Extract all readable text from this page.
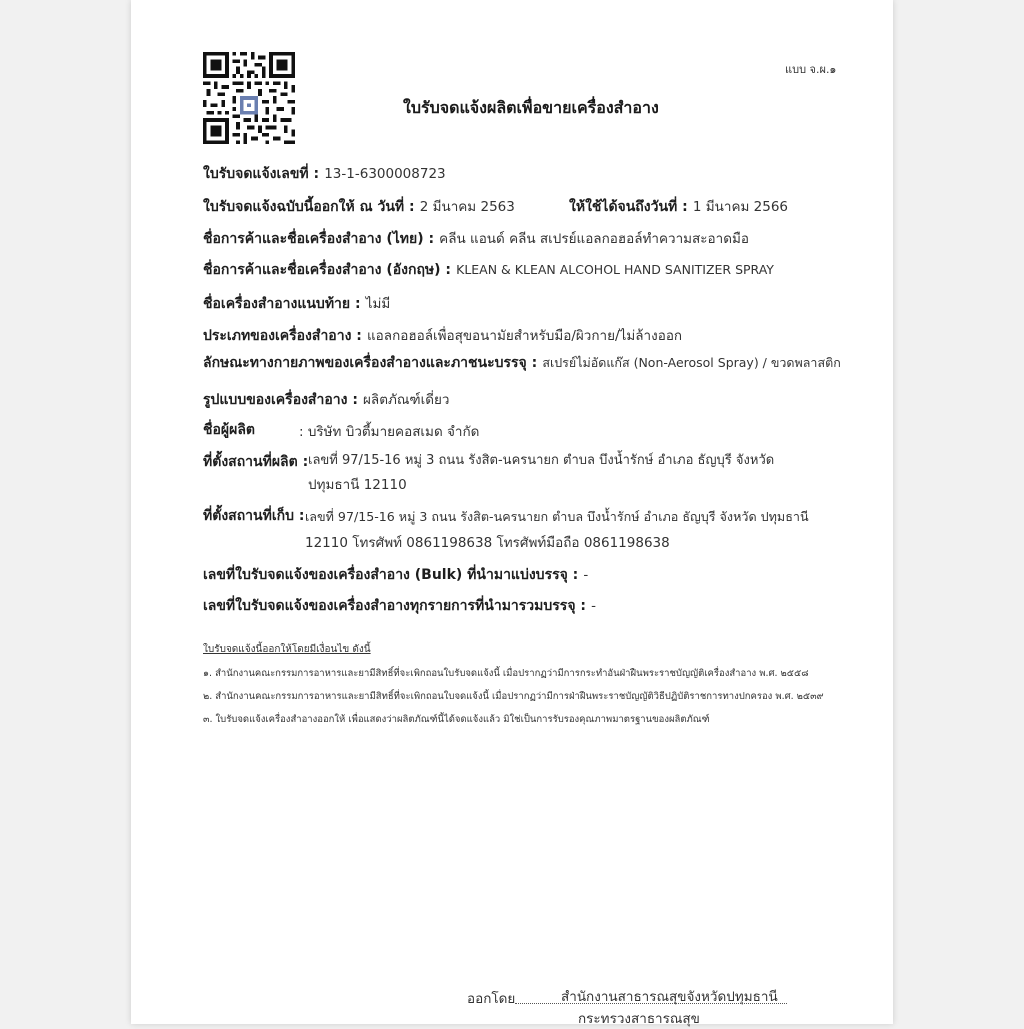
แบบ จ.ผ.๑
ใบรับจดแจ้งผลิตเพื่อขายเครื่องสำอาง
ใบรับจดแจ้งเลขที่ : 13-1-6300008723
ใบรับจดแจ้งฉบับนี้ออกให้ ณ วันที่ : 2 มีนาคม 2563	ให้ใช้ได้จนถึงวันที่ : 1 มีนาคม 2566
ชื่อการค้าและชื่อเครื่องสำอาง (ไทย) : คลีน แอนด์ คลีน สเปรย์แอลกอฮอล์ทำความสะอาดมือ
ชื่อการค้าและชื่อเครื่องสำอาง (อังกฤษ) : KLEAN & KLEAN ALCOHOL HAND SANITIZER SPRAY
ชื่อเครื่องสำอางแนบท้าย : ไม่มี
ประเภทของเครื่องสำอาง : แอลกอฮอล์เพื่อสุขอนามัยสำหรับมือ/ผิวกาย/ไม่ล้างออก
ลักษณะทางกายภาพของเครื่องสำอางและภาชนะบรรจุ : สเปรย์ไม่อัดแก๊ส (Non-Aerosol Spray) / ขวดพลาสติก
รูปแบบของเครื่องสำอาง : ผลิตภัณฑ์เดี่ยว
ชื่อผู้ผลิต	: บริษัท บิวตี้มายคอสเมด จำกัด
ที่ตั้งสถานที่ผลิต : เลขที่ 97/15-16 หมู่ 3 ถนน รังสิต-นครนายก ตำบล บึงน้ำรักษ์ อำเภอ ธัญบุรี จังหวัด
ปทุมธานี 12110
ที่ตั้งสถานที่เก็บ : เลขที่ 97/15-16 หมู่ 3 ถนน รังสิต-นครนายก ตำบล บึงน้ำรักษ์ อำเภอ ธัญบุรี จังหวัด ปทุมธานี
12110 โทรศัพท์ 0861198638 โทรศัพท์มือถือ 0861198638
เลขที่ใบรับจดแจ้งของเครื่องสำอาง (Bulk) ที่นำมาแบ่งบรรจุ : -
เลขที่ใบรับจดแจ้งของเครื่องสำอางทุกรายการที่นำมารวมบรรจุ : -
ใบรับจดแจ้งนี้ออกให้โดยมีเงื่อนไข ดังนี้
๑. สำนักงานคณะกรรมการอาหารและยามีสิทธิ์ที่จะเพิกถอนใบรับจดแจ้งนี้ เมื่อปรากฏว่ามีการกระทำอันฝ่าฝืนพระราชบัญญัติเครื่องสำอาง พ.ศ. ๒๕๕๘
๒. สำนักงานคณะกรรมการอาหารและยามีสิทธิ์ที่จะเพิกถอนใบจดแจ้งนี้ เมื่อปรากฏว่ามีการฝ่าฝืนพระราชบัญญัติวิธีปฏิบัติราชการทางปกครอง พ.ศ. ๒๕๓๙
๓. ใบรับจดแจ้งเครื่องสำอางออกให้ เพื่อแสดงว่าผลิตภัณฑ์นี้ได้จดแจ้งแล้ว มิใช่เป็นการรับรองคุณภาพมาตรฐานของผลิตภัณฑ์
ออกโดย	สำนักงานสาธารณสุขจังหวัดปทุมธานี
กระทรวงสาธารณสุข
